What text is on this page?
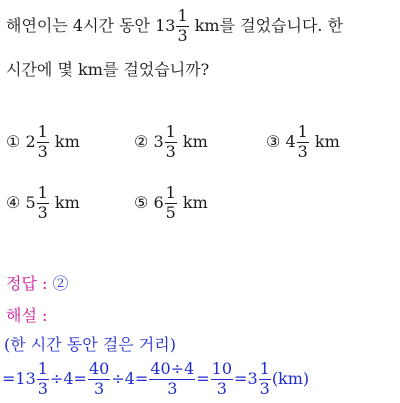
해연이는 4시간 동안 $13 \frac{1}{3}$ km를 걸었습니다. 한
시간에 몇 km를 걸었습니까?
① $2 \frac{1}{3}$ km	② $3 \frac{1}{3}$ km	③ $4 \frac{1}{3}$ km
④ $5 \frac{1}{3}$ km	⑤ $6 \frac{1}{5}$ km
정답 : ②
해설 :
(한 시간 동안 걸은 거리)
$=13 \frac{1}{3} \div 4= \frac{40}{3} \div 4= \frac{40\div 4}{3} = \frac{10}{3} =3 \frac{1}{3} (km)$
